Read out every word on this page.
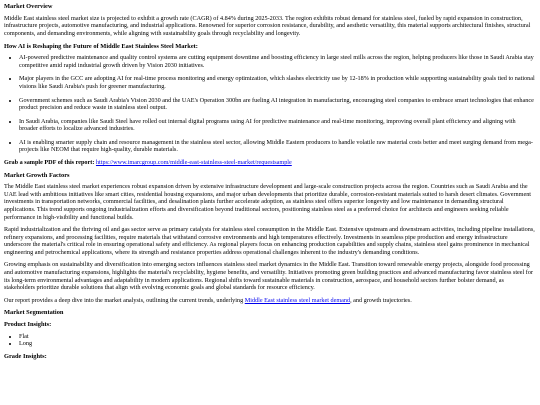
Market Overview

Middle East stainless steel market size is projected to exhibit a growth rate (CAGR) of 4.84% during 2025-2033. The region exhibits robust demand for stainless steel, fueled by rapid expansion in construction, infrastructure projects, automotive manufacturing, and industrial applications. Renowned for superior corrosion resistance, durability, and aesthetic versatility, this material supports architectural finishes, structural components, and demanding environments, while aligning with sustainability goals through recyclability and longevity.

How AI is Reshaping the Future of Middle East Stainless Steel Market:
• AI-powered predictive maintenance and quality control systems are cutting equipment downtime and boosting efficiency in large steel mills across the region, helping producers like those in Saudi Arabia stay competitive amid rapid industrial growth driven by Vision 2030 initiatives.
• Major players in the GCC are adopting AI for real-time process monitoring and energy optimization, which slashes electricity use by 12-18% in production while supporting sustainability goals tied to national visions like Saudi Arabia's push for greener manufacturing.
• Government schemes such as Saudi Arabia's Vision 2030 and the UAE's Operation 300bn are fueling AI integration in manufacturing, encouraging steel companies to embrace smart technologies that enhance product precision and reduce waste in stainless steel output.
• In Saudi Arabia, companies like Saudi Steel have rolled out internal digital programs using AI for predictive maintenance and real-time monitoring, improving overall plant efficiency and aligning with broader efforts to localize advanced industries.
• AI is enabling smarter supply chain and resource management in the stainless steel sector, allowing Middle Eastern producers to handle volatile raw material costs better and meet surging demand from mega-projects like NEOM that require high-quality, durable materials.

Grab a sample PDF of this report: https://www.imarcgroup.com/middle-east-stainless-steel-market/requestsample

Market Growth Factors

The Middle East stainless steel market experiences robust expansion driven by extensive infrastructure development and large-scale construction projects across the region. Countries such as Saudi Arabia and the UAE lead with ambitious initiatives like smart cities, residential housing expansions, and major urban developments that prioritize durable, corrosion-resistant materials suited to harsh desert climates. Government investments in transportation networks, commercial facilities, and desalination plants further accelerate adoption, as stainless steel offers superior longevity and low maintenance in demanding structural applications. This trend supports ongoing industrialization efforts and diversification beyond traditional sectors, positioning stainless steel as a preferred choice for architects and engineers seeking reliable performance in high-visibility and functional builds.

Rapid industrialization and the thriving oil and gas sector serve as primary catalysts for stainless steel consumption in the Middle East. Extensive upstream and downstream activities, including pipeline installations, refinery expansions, and processing facilities, require materials that withstand corrosive environments and high temperatures effectively. Investments in seamless pipe production and energy infrastructure underscore the material's critical role in ensuring operational safety and efficiency. As regional players focus on enhancing production capabilities and supply chains, stainless steel gains prominence in mechanical engineering and petrochemical applications, where its strength and resistance properties address operational challenges inherent to the industry's demanding conditions.

Growing emphasis on sustainability and diversification into emerging sectors influences stainless steel market dynamics in the Middle East. Transition toward renewable energy projects, alongside food processing and automotive manufacturing expansions, highlights the material's recyclability, hygiene benefits, and versatility. Initiatives promoting green building practices and advanced manufacturing favor stainless steel for its long-term environmental advantages and adaptability in modern applications. Regional shifts toward sustainable materials in construction, aerospace, and household sectors further bolster demand, as stakeholders prioritize durable solutions that align with evolving economic goals and global standards for resource efficiency.

Our report provides a deep dive into the market analysis, outlining the current trends, underlying Middle East stainless steel market demand, and growth trajectories.

Market Segmentation
Product Insights:
• Flat
• Long
Grade Insights:
